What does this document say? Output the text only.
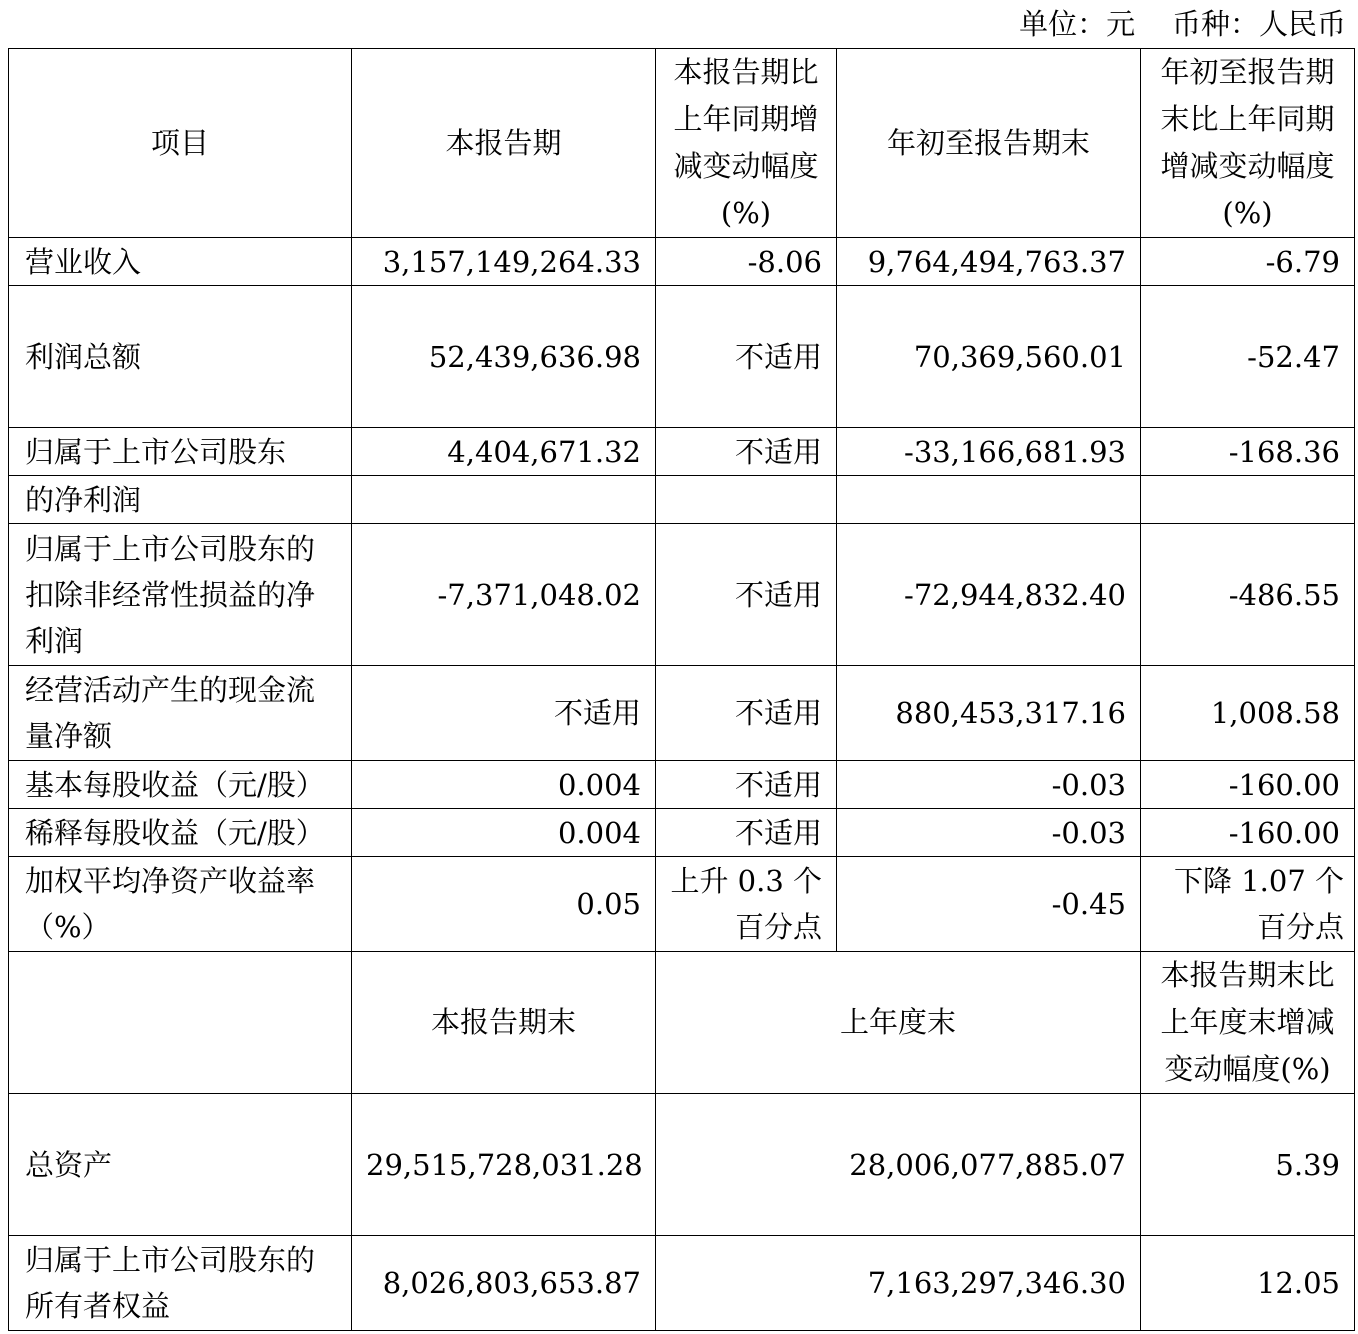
单位：元    币种：人民币
项目	本报告期	本报告期比上年同期增减变动幅度(%)	年初至报告期末	年初至报告期末比上年同期增减变动幅度(%)
营业收入	3,157,149,264.33	-8.06	9,764,494,763.37	-6.79
利润总额	52,439,636.98	不适用	70,369,560.01	-52.47
归属于上市公司股东	4,404,671.32	不适用	-33,166,681.93	-168.36
的净利润				
归属于上市公司股东的扣除非经常性损益的净利润	-7,371,048.02	不适用	-72,944,832.40	-486.55
经营活动产生的现金流量净额	不适用	不适用	880,453,317.16	1,008.58
基本每股收益（元/股）	0.004	不适用	-0.03	-160.00
稀释每股收益（元/股）	0.004	不适用	-0.03	-160.00
加权平均净资产收益率（%）	0.05	上升 0.3 个百分点	-0.45	下降 1.07 个百分点
	本报告期末	上年度末		本报告期末比上年度末增减变动幅度(%)
总资产	29,515,728,031.28	28,006,077,885.07		5.39
归属于上市公司股东的所有者权益	8,026,803,653.87	7,163,297,346.30		12.05
